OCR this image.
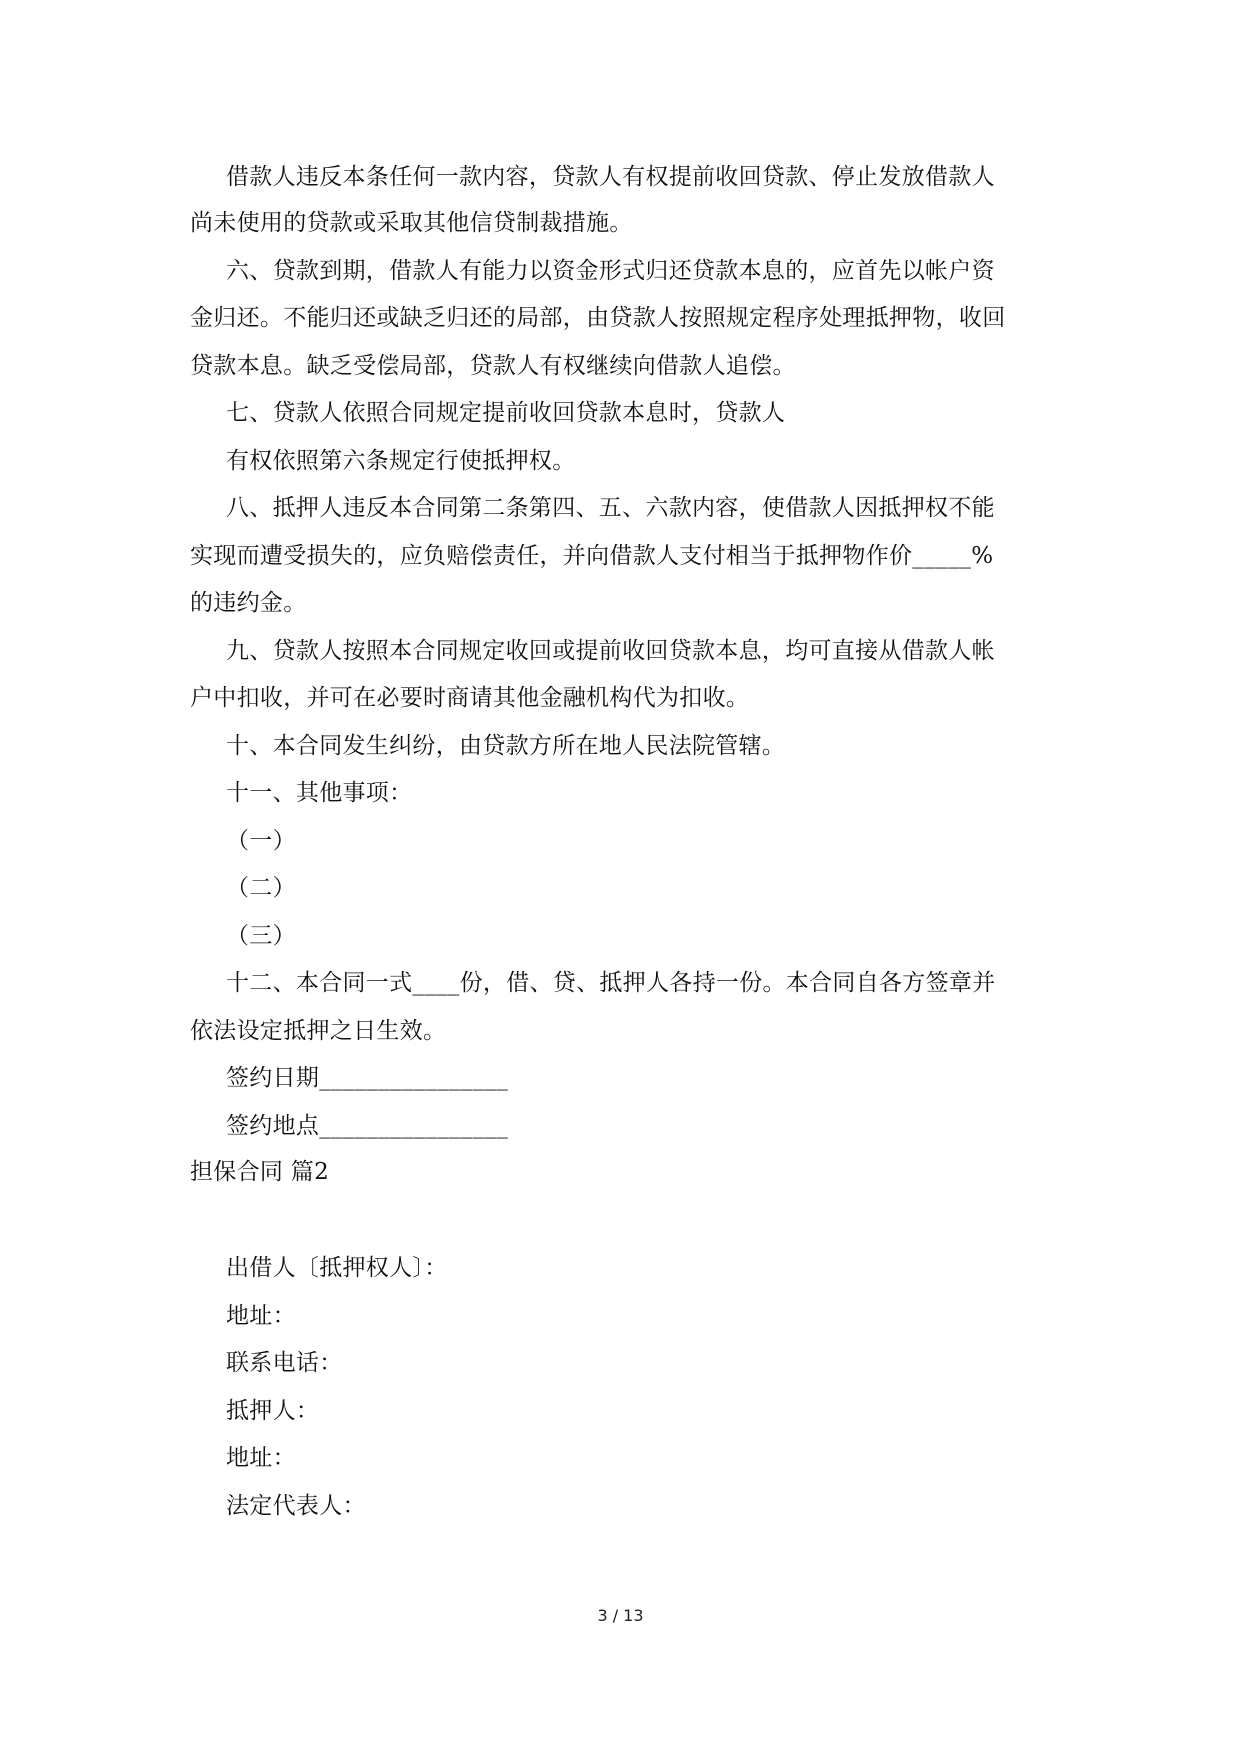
借款人违反本条任何一款内容，贷款人有权提前收回贷款、停止发放借款人
尚未使用的贷款或采取其他信贷制裁措施。
六、贷款到期，借款人有能力以资金形式归还贷款本息的，应首先以帐户资
金归还。不能归还或缺乏归还的局部，由贷款人按照规定程序处理抵押物，收回
贷款本息。缺乏受偿局部，贷款人有权继续向借款人追偿。
七、贷款人依照合同规定提前收回贷款本息时，贷款人
有权依照第六条规定行使抵押权。
八、抵押人违反本合同第二条第四、五、六款内容，使借款人因抵押权不能
实现而遭受损失的，应负赔偿责任，并向借款人支付相当于抵押物作价_____%
的违约金。
九、贷款人按照本合同规定收回或提前收回贷款本息，均可直接从借款人帐
户中扣收，并可在必要时商请其他金融机构代为扣收。
十、本合同发生纠纷，由贷款方所在地人民法院管辖。
十一、其他事项：
（一）
（二）
（三）
十二、本合同一式____份，借、贷、抵押人各持一份。本合同自各方签章并
依法设定抵押之日生效。
签约日期________________
签约地点________________
担保合同 篇2
出借人〔抵押权人〕：
地址：
联系电话：
抵押人：
地址：
法定代表人：
3 / 13
